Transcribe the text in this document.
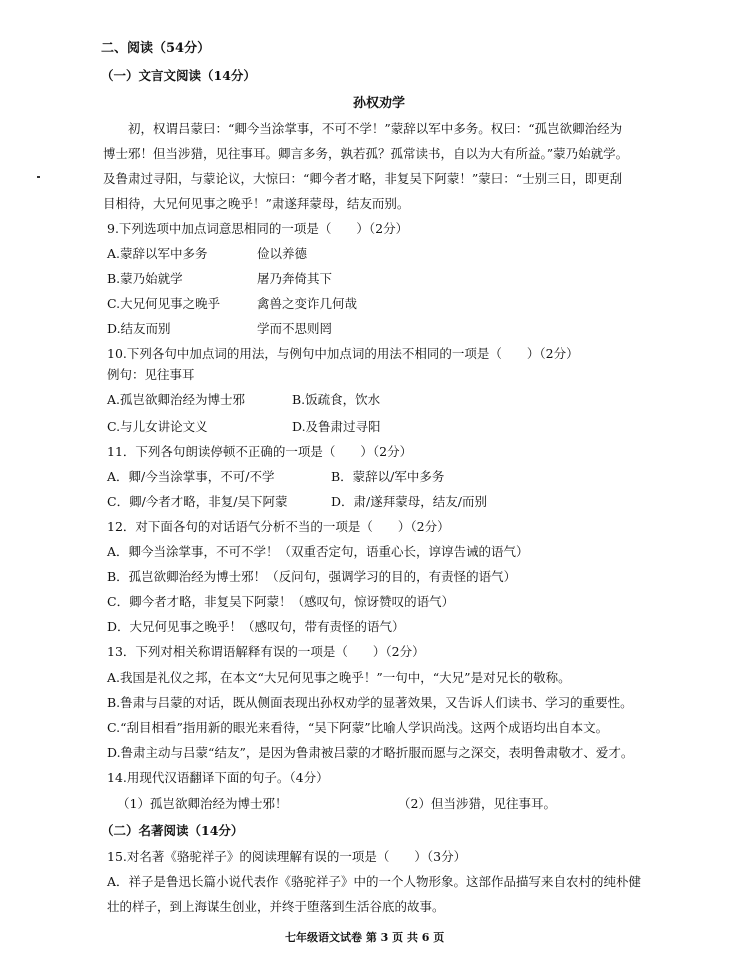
二、阅读（54分）
（一）文言文阅读（14分）
孙权劝学
初，权谓吕蒙曰：“卿今当涂掌事，不可不学！”蒙辞以军中多务。权曰：“孤岂欲卿治经为
博士邪！但当涉猎，见往事耳。卿言多务，孰若孤？孤常读书，自以为大有所益。”蒙乃始就学。
及鲁肃过寻阳，与蒙论议，大惊曰：“卿今者才略，非复吴下阿蒙！”蒙曰：“士别三日，即更刮
目相待，大兄何见事之晚乎！”肃遂拜蒙母，结友而别。
9.下列选项中加点词意思相同的一项是（　　）（2分）
A.蒙辞以军中多务	俭以养德
B.蒙乃始就学	屠乃奔倚其下
C.大兄何见事之晚乎	禽兽之变诈几何哉
D.结友而别	学而不思则罔
10.下列各句中加点词的用法，与例句中加点词的用法不相同的一项是（　　）（2分）
例句：见往事耳
A.孤岂欲卿治经为博士邪	B.饭疏食，饮水
C.与儿女讲论文义	D.及鲁肃过寻阳
11．下列各句朗读停顿不正确的一项是（　　）（2分）
A．卿/今当涂掌事，不可/不学	B．蒙辞以/军中多务
C．卿/今者才略，非复/吴下阿蒙	D．肃/遂拜蒙母，结友/而别
12．对下面各句的对话语气分析不当的一项是（　　）（2分）
A．卿今当涂掌事，不可不学！（双重否定句，语重心长，谆谆告诫的语气）
B．孤岂欲卿治经为博士邪！（反问句，强调学习的目的，有责怪的语气）
C．卿今者才略，非复吴下阿蒙！（感叹句，惊讶赞叹的语气）
D．大兄何见事之晚乎！（感叹句，带有责怪的语气）
13．下列对相关称谓语解释有误的一项是（　　）（2分）
A.我国是礼仪之邦，在本文“大兄何见事之晚乎！”一句中，“大兄”是对兄长的敬称。
B.鲁肃与吕蒙的对话，既从侧面表现出孙权劝学的显著效果，又告诉人们读书、学习的重要性。
C.“刮目相看”指用新的眼光来看待，“吴下阿蒙”比喻人学识尚浅。这两个成语均出自本文。
D.鲁肃主动与吕蒙“结友”，是因为鲁肃被吕蒙的才略折服而愿与之深交，表明鲁肃敬才、爱才。
14.用现代汉语翻译下面的句子。（4分）
（1）孤岂欲卿治经为博士邪！	（2）但当涉猎，见往事耳。
（二）名著阅读（14分）
15.对名著《骆驼祥子》的阅读理解有误的一项是（　　）（3分）
A．祥子是鲁迅长篇小说代表作《骆驼祥子》中的一个人物形象。这部作品描写来自农村的纯朴健
壮的样子，到上海谋生创业，并终于堕落到生活谷底的故事。
七年级语文试卷 第 3 页 共 6 页
